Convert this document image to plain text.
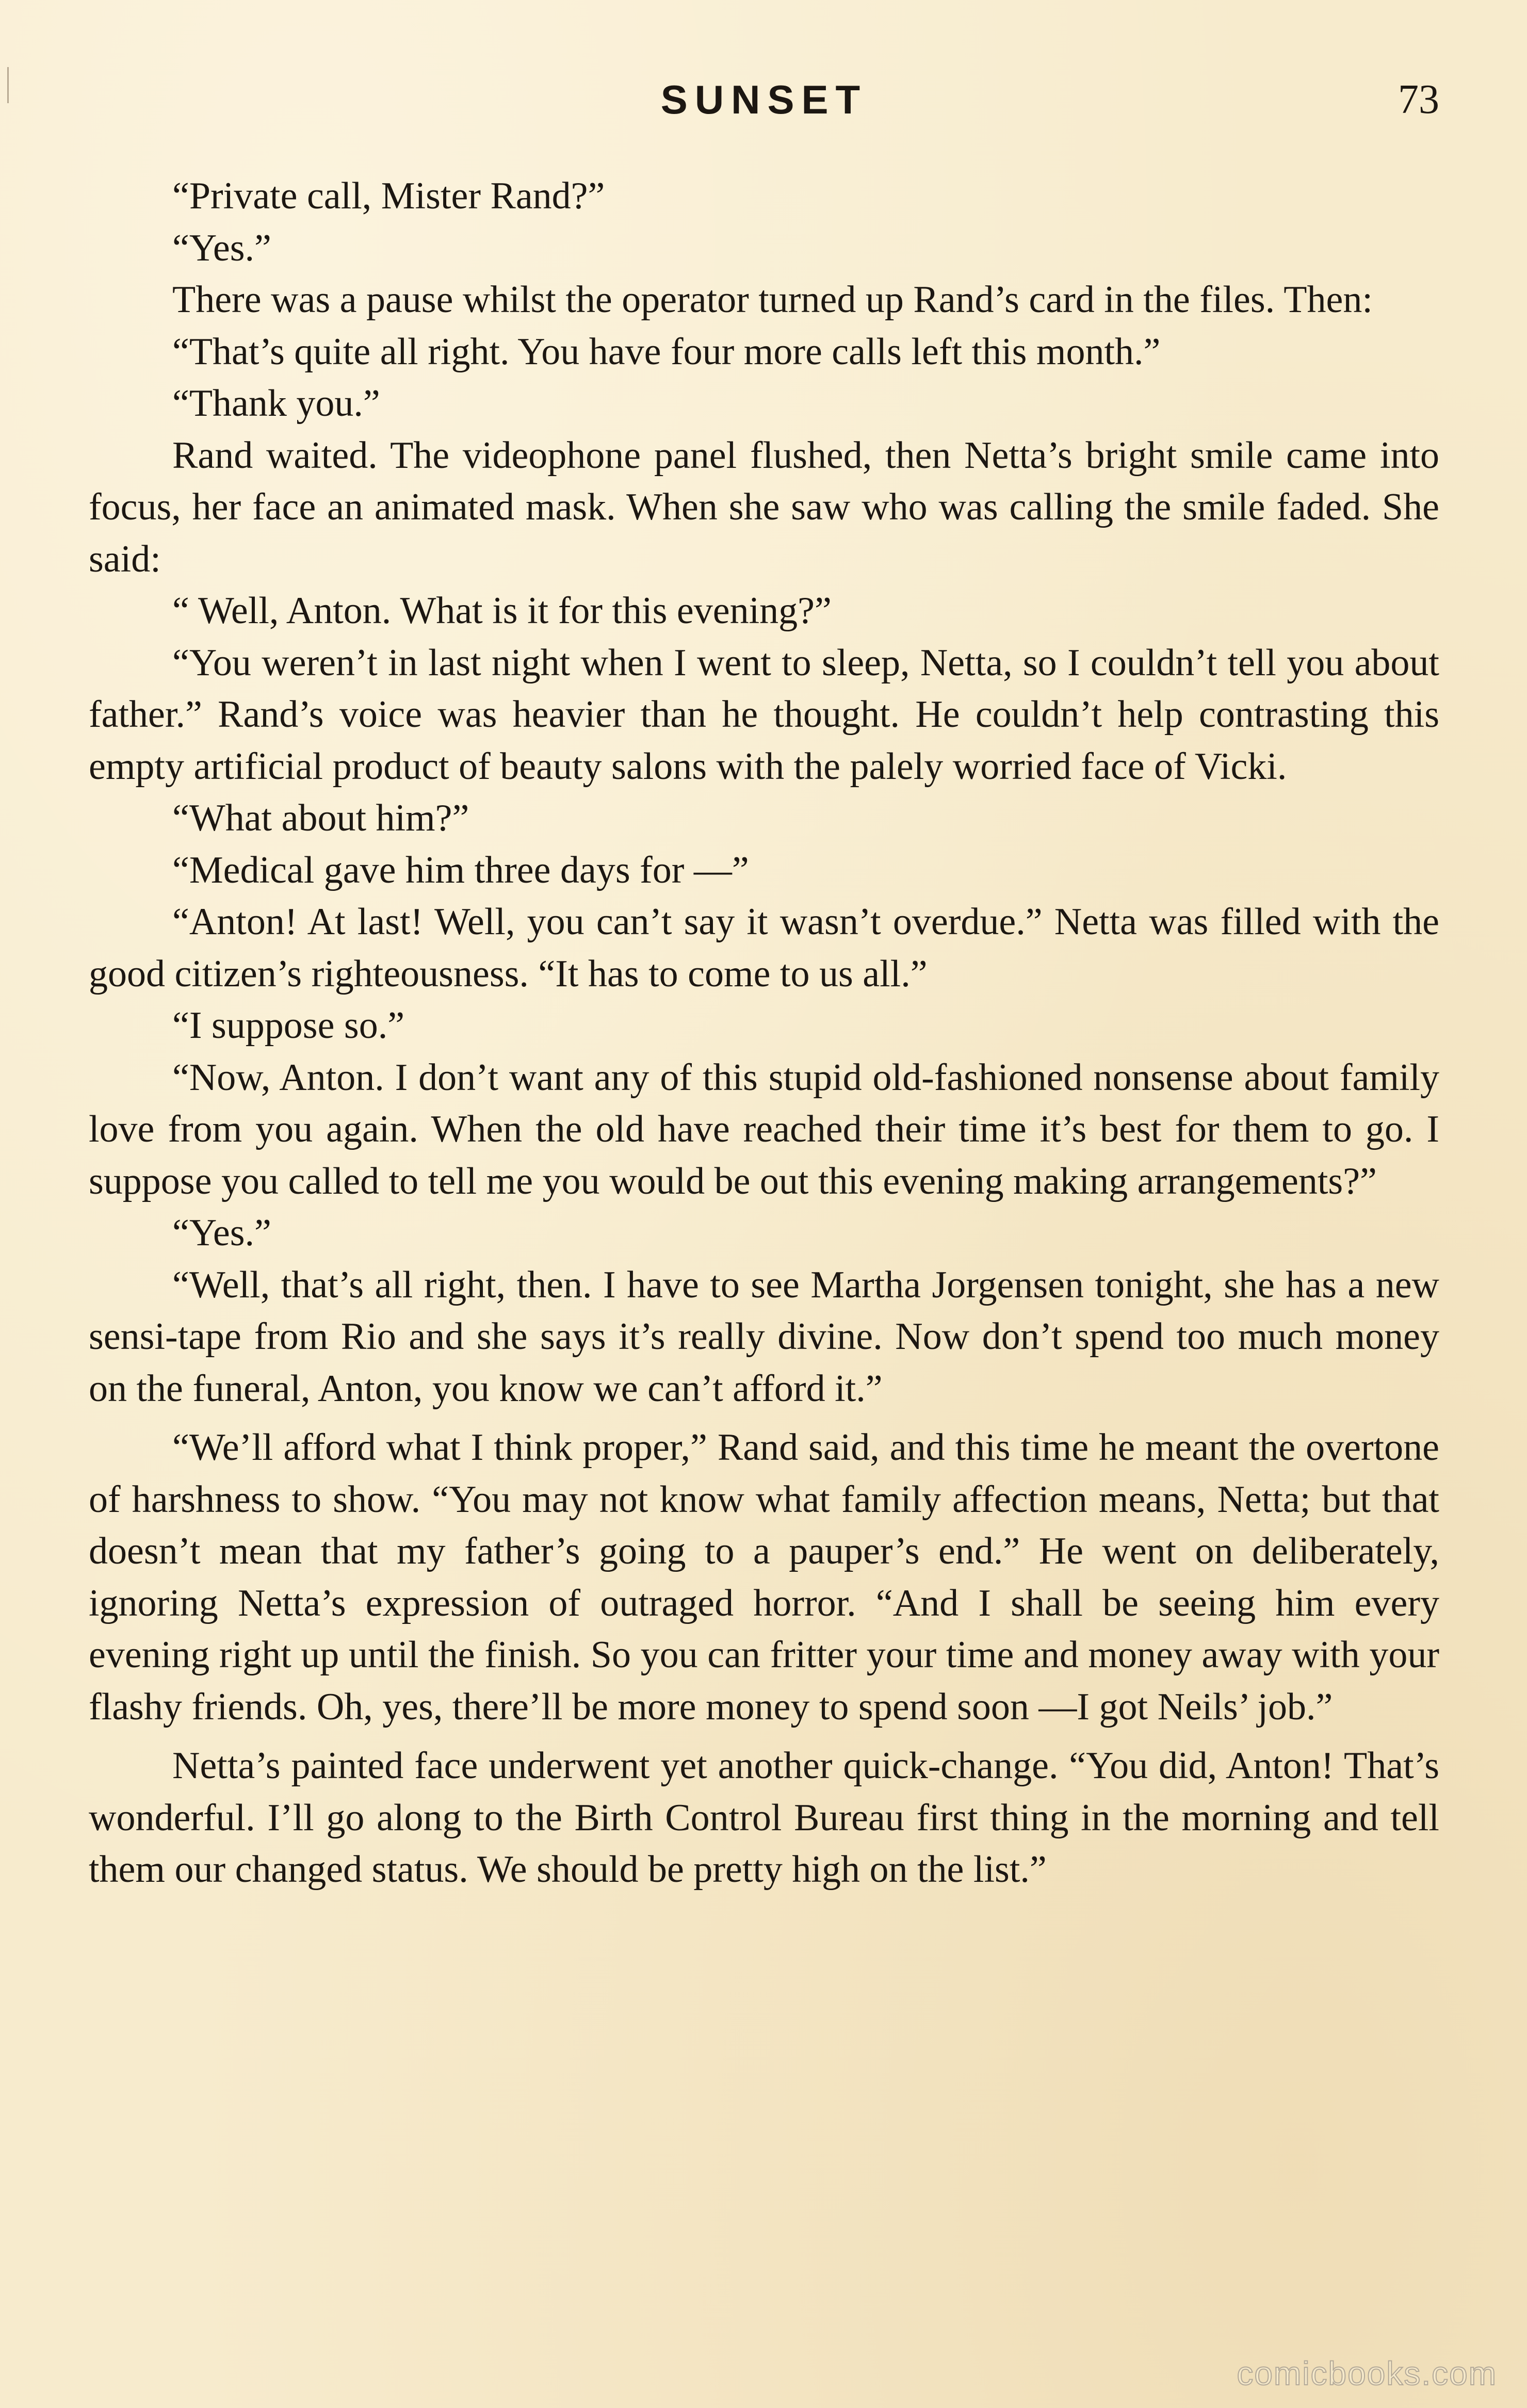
SUNSET	73

“Private call, Mister Rand?”

“Yes.”

There was a pause whilst the operator turned up Rand’s card in the files. Then:

“That’s quite all right. You have four more calls left this month.”

“Thank you.”

Rand waited. The videophone panel flushed, then Netta’s bright smile came into focus, her face an animated mask. When she saw who was calling the smile faded. She said:

“ Well, Anton. What is it for this evening?”

“You weren’t in last night when I went to sleep, Netta, so I couldn’t tell you about father.” Rand’s voice was heavier than he thought. He couldn’t help contrasting this empty artificial product of beauty salons with the palely worried face of Vicki.

“What about him?”

“Medical gave him three days for —”

“Anton! At last! Well, you can’t say it wasn’t overdue.” Netta was filled with the good citizen’s righteousness. “It has to come to us all.”

“I suppose so.”

“Now, Anton. I don’t want any of this stupid old-fashioned nonsense about family love from you again. When the old have reached their time it’s best for them to go. I suppose you called to tell me you would be out this evening making arrangements?”

“Yes.”

“Well, that’s all right, then. I have to see Martha Jorgensen tonight, she has a new sensi-tape from Rio and she says it’s really divine. Now don’t spend too much money on the funeral, Anton, you know we can’t afford it.”

“We’ll afford what I think proper,” Rand said, and this time he meant the overtone of harshness to show. “You may not know what family affection means, Netta; but that doesn’t mean that my father’s going to a pauper’s end.” He went on deliberately, ignoring Netta’s expression of outraged horror. “And I shall be seeing him every evening right up until the finish. So you can fritter your time and money away with your flashy friends. Oh, yes, there’ll be more money to spend soon —I got Neils’ job.”

Netta’s painted face underwent yet another quick-change. “You did, Anton! That’s wonderful. I’ll go along to the Birth Control Bureau first thing in the morning and tell them our changed status. We should be pretty high on the list.”

comicbooks.com
